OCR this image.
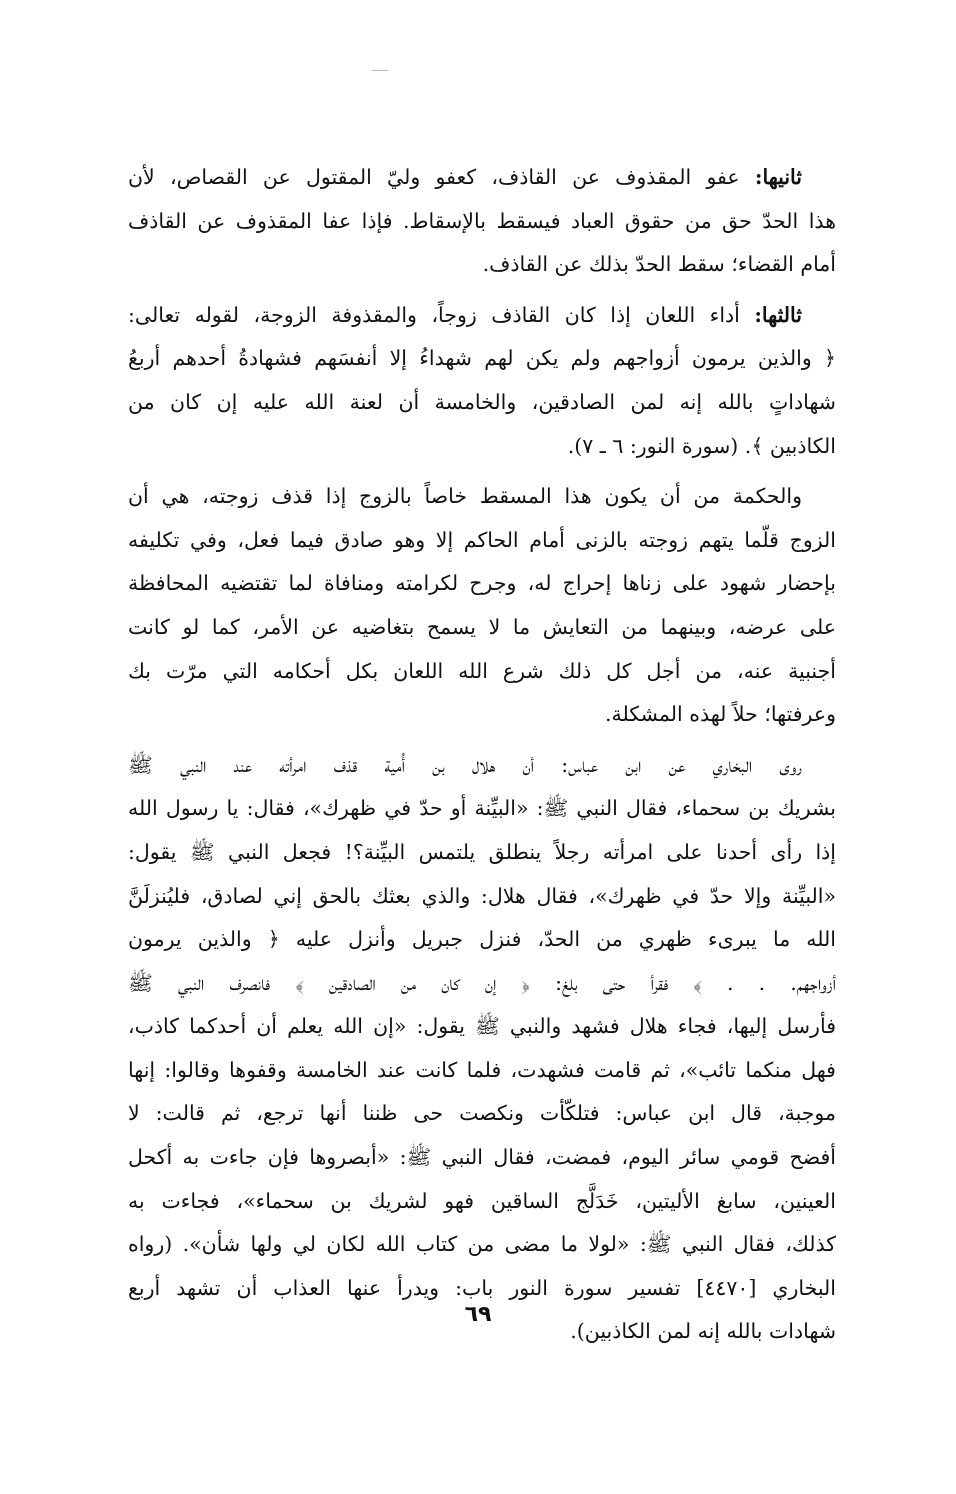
ثانيها: عفو المقذوف عن القاذف، كعفو وليّ المقتول عن القصاص، لأن
هذا الحدّ حق من حقوق العباد فيسقط بالإسقاط. فإذا عفا المقذوف عن القاذف
أمام القضاء؛ سقط الحدّ بذلك عن القاذف.
ثالثها: أداء اللعان إذا كان القاذف زوجاً، والمقذوفة الزوجة، لقوله تعالى:
﴿ والذين يرمون أزواجهم ولم يكن لهم شهداءُ إلا أنفسَهم فشهادةُ أحدهم أربعُ
شهاداتٍ بالله إنه لمن الصادقين، والخامسة أن لعنة الله عليه إن كان من
الكاذبين ﴾. (سورة النور: ٦ ـ ٧).
والحكمة من أن يكون هذا المسقط خاصاً بالزوج إذا قذف زوجته، هي أن
الزوج قلّما يتهم زوجته بالزنى أمام الحاكم إلا وهو صادق فيما فعل، وفي تكليفه
بإحضار شهود على زناها إحراج له، وجرح لكرامته ومنافاة لما تقتضيه المحافظة
على عرضه، وبينهما من التعايش ما لا يسمح بتغاضيه عن الأمر، كما لو كانت
أجنبية عنه، من أجل كل ذلك شرع الله اللعان بكل أحكامه التي مرّت بك
وعرفتها؛ حلاً لهذه المشكلة.
روى البخاري عن ابن عباس: أن هلال بن أُمية قذف امرأته عند النبي ﷺ
بشريك بن سحماء، فقال النبي ﷺ: «البيِّنة أو حدّ في ظهرك»، فقال: يا رسول الله
إذا رأى أحدنا على امرأته رجلاً ينطلق يلتمس البيِّنة؟! فجعل النبي ﷺ يقول:
«البيِّنة وإلا حدّ في ظهرك»، فقال هلال: والذي بعثك بالحق إني لصادق، فليُنزلَنَّ
الله ما يبرىء ظهري من الحدّ، فنزل جبريل وأنزل عليه ﴿ والذين يرمون
أزواجهم. . . ﴾ فقرأ حتى بلغ: ﴿ إن كان من الصادقين ﴾ فانصرف النبي ﷺ
فأرسل إليها، فجاء هلال فشهد والنبي ﷺ يقول: «إن الله يعلم أن أحدكما كاذب،
فهل منكما تائب»، ثم قامت فشهدت، فلما كانت عند الخامسة وقفوها وقالوا: إنها
موجبة، قال ابن عباس: فتلكّأت ونكصت حى ظننا أنها ترجع، ثم قالت: لا
أفضح قومي سائر اليوم، فمضت، فقال النبي ﷺ: «أبصروها فإن جاءت به أكحل
العينين، سابغ الأليتين، خَدَلَّج الساقين فهو لشريك بن سحماء»، فجاءت به
كذلك، فقال النبي ﷺ: «لولا ما مضى من كتاب الله لكان لي ولها شأن». (رواه
البخاري [٤٤٧٠] تفسير سورة النور باب: ويدرأ عنها العذاب أن تشهد أربع
شهادات بالله إنه لمن الكاذبين).
٦٩
